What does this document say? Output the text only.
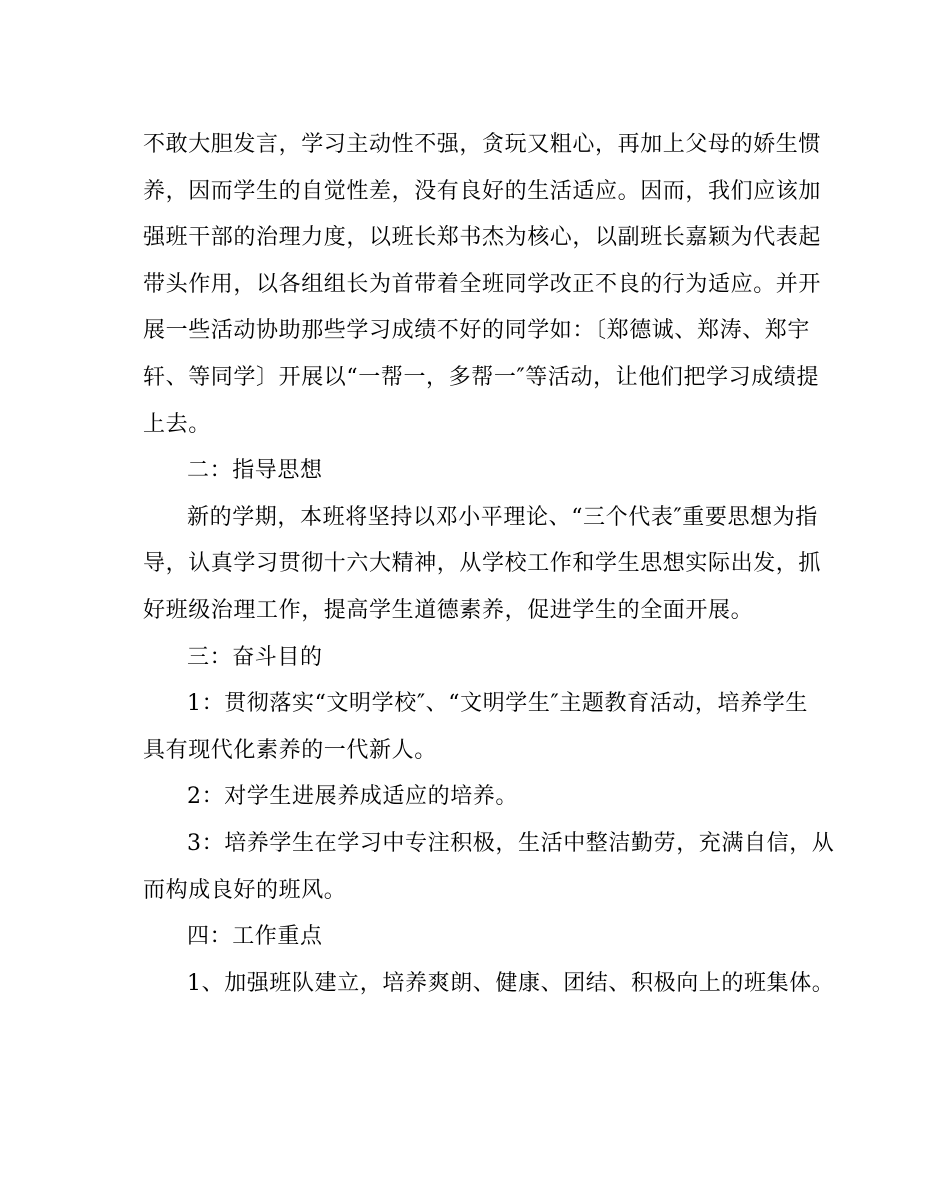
不敢大胆发言，学习主动性不强，贪玩又粗心，再加上父母的娇生惯

养，因而学生的自觉性差，没有良好的生活适应。因而，我们应该加

强班干部的治理力度，以班长郑书杰为核心，以副班长嘉颖为代表起

带头作用，以各组组长为首带着全班同学改正不良的行为适应。并开

展一些活动协助那些学习成绩不好的同学如：〔郑德诚、郑涛、郑宇

轩、等同学〕开展以“一帮一，多帮一″等活动，让他们把学习成绩提

上去。

二：指导思想

新的学期，本班将坚持以邓小平理论、“三个代表″重要思想为指

导，认真学习贯彻十六大精神，从学校工作和学生思想实际出发，抓

好班级治理工作，提高学生道德素养，促进学生的全面开展。

三：奋斗目的

1：贯彻落实“文明学校″、“文明学生″主题教育活动，培养学生

具有现代化素养的一代新人。

2：对学生进展养成适应的培养。

3：培养学生在学习中专注积极，生活中整洁勤劳，充满自信，从

而构成良好的班风。

四：工作重点

1、加强班队建立，培养爽朗、健康、团结、积极向上的班集体。
